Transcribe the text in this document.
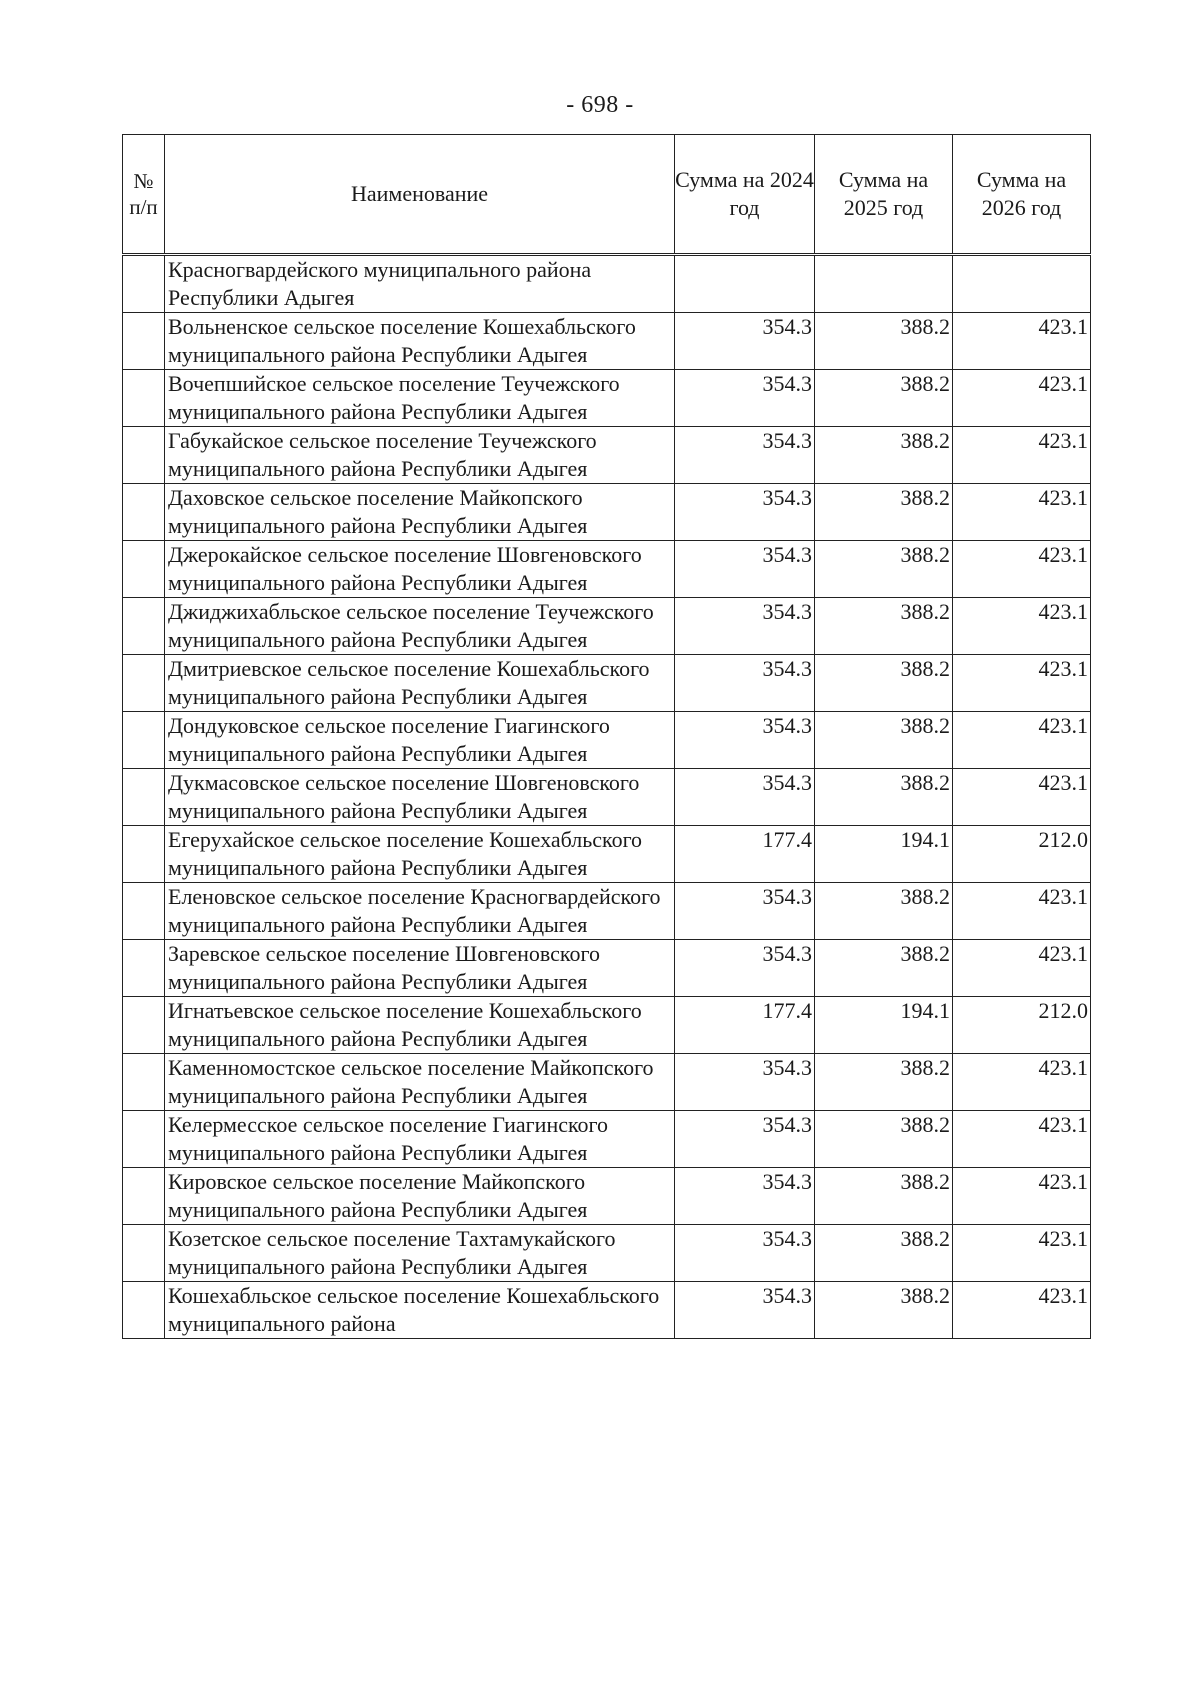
- 698 -
№ п/п	Наименование	Сумма на 2024 год	Сумма на 2025 год	Сумма на 2026 год
	Красногвардейского муниципального района Республики Адыгея			
	Вольненское сельское поселение Кошехабльского муниципального района Республики Адыгея	354.3	388.2	423.1
	Вочепшийское сельское поселение Теучежского муниципального района Республики Адыгея	354.3	388.2	423.1
	Габукайское сельское поселение Теучежского муниципального района Республики Адыгея	354.3	388.2	423.1
	Даховское сельское поселение Майкопского муниципального района Республики Адыгея	354.3	388.2	423.1
	Джерокайское сельское поселение Шовгеновского муниципального района Республики Адыгея	354.3	388.2	423.1
	Джиджихабльское сельское поселение Теучежского муниципального района Республики Адыгея	354.3	388.2	423.1
	Дмитриевское сельское поселение Кошехабльского муниципального района Республики Адыгея	354.3	388.2	423.1
	Дондуковское сельское поселение Гиагинского муниципального района Республики Адыгея	354.3	388.2	423.1
	Дукмасовское сельское поселение Шовгеновского муниципального района Республики Адыгея	354.3	388.2	423.1
	Егерухайское сельское поселение Кошехабльского муниципального района Республики Адыгея	177.4	194.1	212.0
	Еленовское сельское поселение Красногвардейского муниципального района Республики Адыгея	354.3	388.2	423.1
	Заревское сельское поселение Шовгеновского муниципального района Республики Адыгея	354.3	388.2	423.1
	Игнатьевское сельское поселение Кошехабльского муниципального района Республики Адыгея	177.4	194.1	212.0
	Каменномостское сельское поселение Майкопского муниципального района Республики Адыгея	354.3	388.2	423.1
	Келермесское сельское поселение Гиагинского муниципального района Республики Адыгея	354.3	388.2	423.1
	Кировское сельское поселение Майкопского муниципального района Республики Адыгея	354.3	388.2	423.1
	Козетское сельское поселение Тахтамукайского муниципального района Республики Адыгея	354.3	388.2	423.1
	Кошехабльское сельское поселение Кошехабльского муниципального района	354.3	388.2	423.1
